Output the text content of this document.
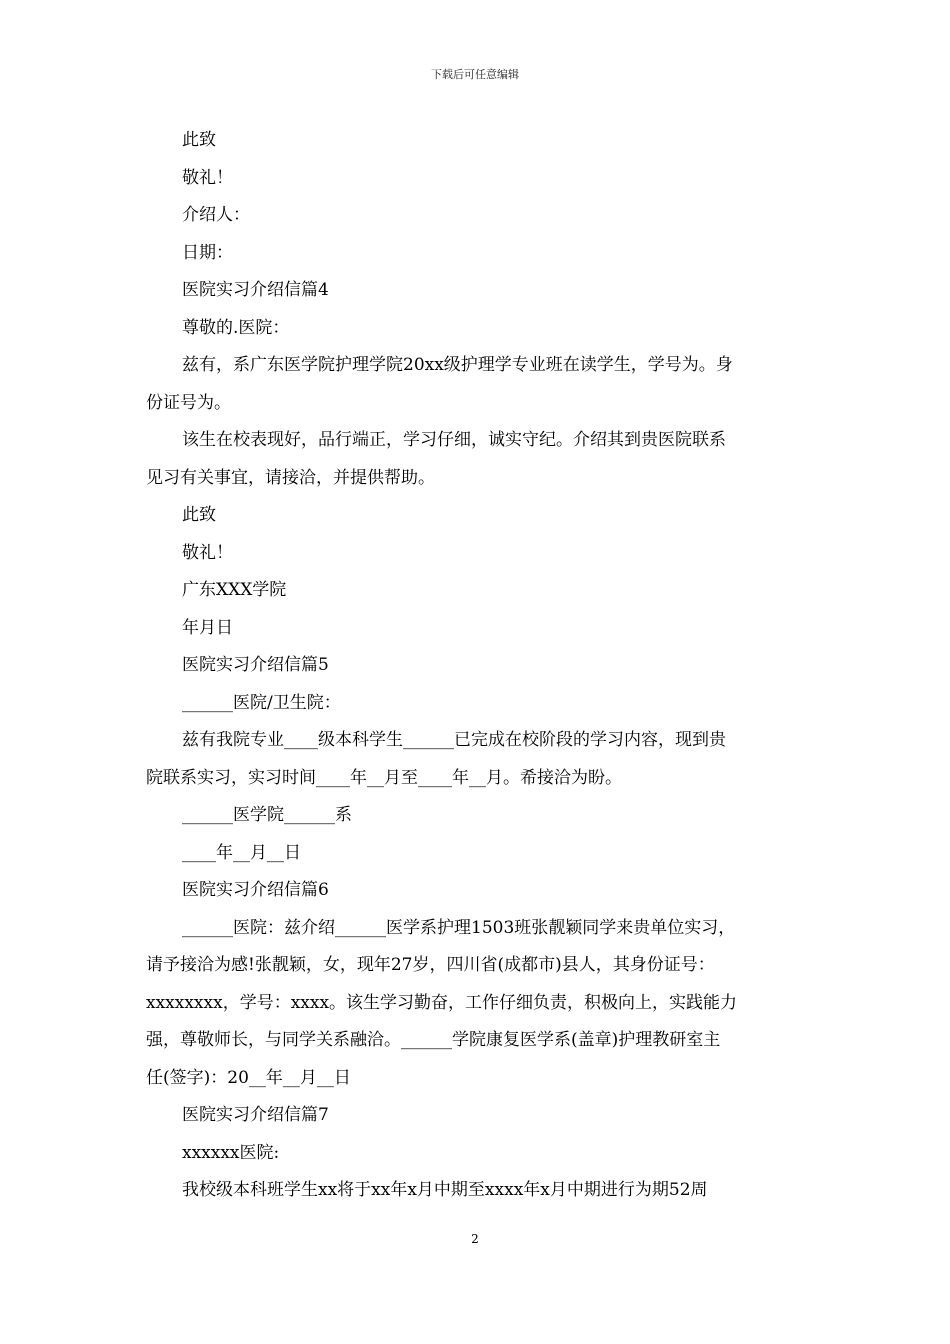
下载后可任意编辑
此致
敬礼！
介绍人：
日期：
医院实习介绍信篇4
尊敬的.医院：
兹有，系广东医学院护理学院20xx级护理学专业班在读学生，学号为。身
份证号为。
该生在校表现好，品行端正，学习仔细，诚实守纪。介绍其到贵医院联系
见习有关事宜，请接洽，并提供帮助。
此致
敬礼！
广东XXX学院
年月日
医院实习介绍信篇5
______医院/卫生院：
兹有我院专业____级本科学生______已完成在校阶段的学习内容，现到贵
院联系实习，实习时间____年__月至____年__月。希接洽为盼。
______医学院______系
____年__月__日
医院实习介绍信篇6
______医院：兹介绍______医学系护理1503班张靓颖同学来贵单位实习，
请予接洽为感!张靓颖，女，现年27岁，四川省(成都市)县人，其身份证号：
xxxxxxxx，学号：xxxx。该生学习勤奋，工作仔细负责，积极向上，实践能力
强，尊敬师长，与同学关系融洽。______学院康复医学系(盖章)护理教研室主
任(签字)：20__年__月__日
医院实习介绍信篇7
xxxxxx医院:
我校级本科班学生xx将于xx年x月中期至xxxx年x月中期进行为期52周
2
